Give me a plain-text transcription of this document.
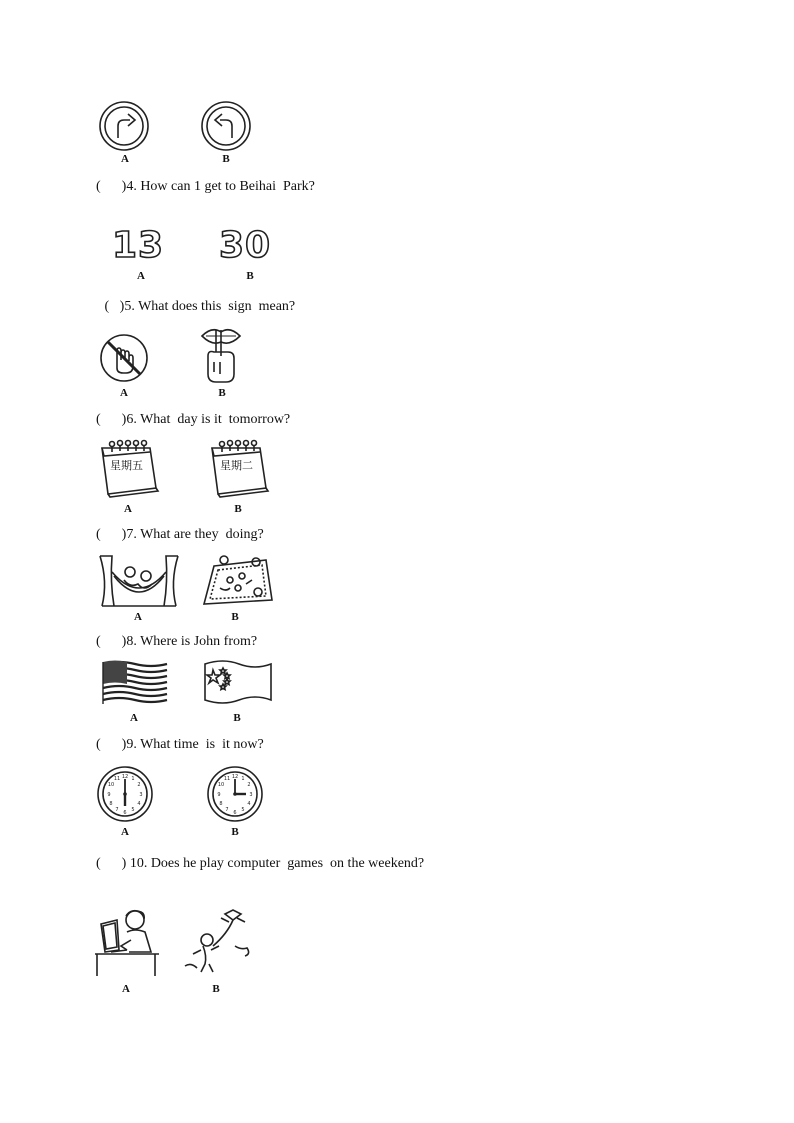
A	B
(      )4. How can 1 get to Beihai  Park?
13
A
30
B
(   )5. What does this  sign  mean?
A	B
(      )6. What  day is it  tomorrow?
星期五
A
星期二
B
(      )7. What are they  doing?
A	B
(      )8. Where is John from?
A	B
(      )9. What time  is  it now?
12 1
2
3
4
5
6
7
8
9
10
11
A
12 1
2
3
4
5
6
7
8
9
10
11
B
(      ) 10. Does he play computer  games  on the weekend?
A	B
